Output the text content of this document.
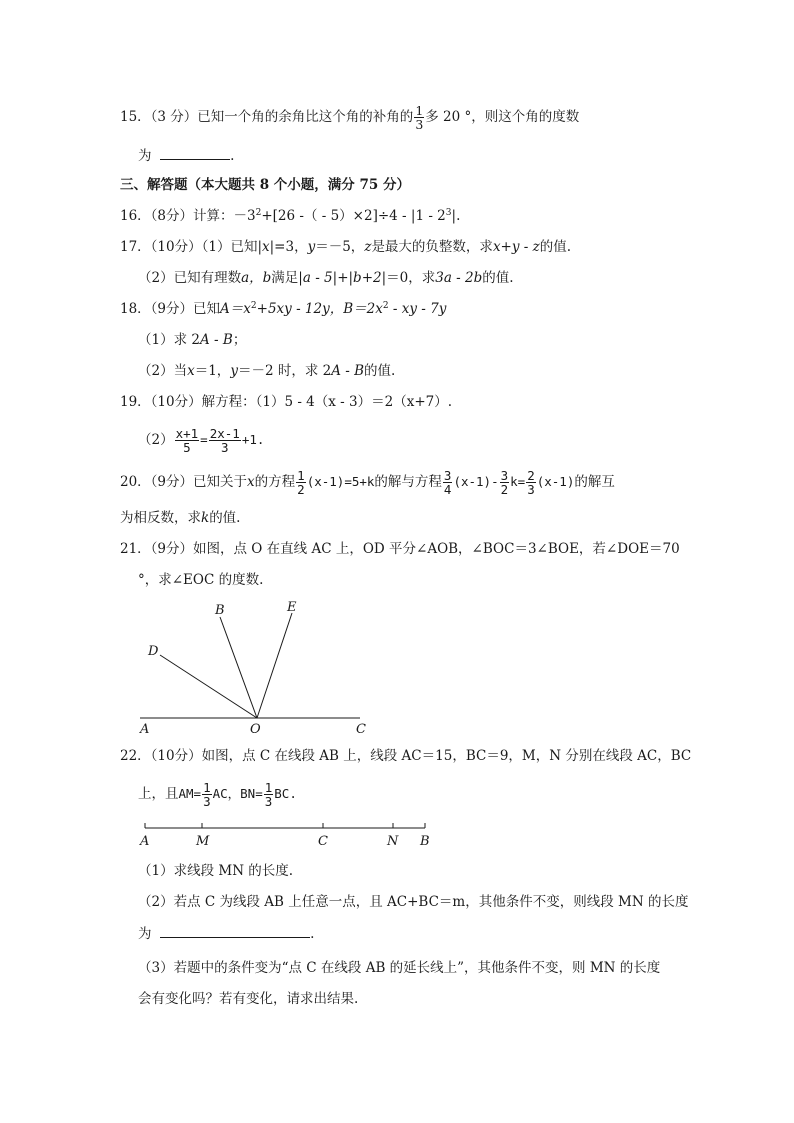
15．（3 分）已知一个角的余角比这个角的补角的 $\frac{1}{3}$ 多 20 °，则这个角的度数
为	.
三、解答题（本大题共 8 个小题，满分 75 分）
16．（8分）计算：$-3^2+[26$ -（ - $5)\times 2]\div 4 - |1 - 2^3|$.
17．（10分）（1）已知|x|=3，y＝－5，z是最大的负整数，求x+y - z的值.
（2）已知有理数a，b满足|a - 5|+|b+2|＝0，求3a - 2b的值.
18．（9分）已知$A=x^2+5xy - 12y$，$B=2x^2$ - xy - 7y
（1）求 2A - B；
（2）当x＝1，y＝－2 时，求 2A - B的值.
19．（10分）解方程：（1）5 - 4（x - 3）＝2（x+7）.
$(2) \frac{x+1}{5} = \frac{2x-1}{3} +1$.
20．（9分）已知关于x的方程 $\frac{1}{2} (x-1)=5+k$的解与方程 $\frac{3}{4} (x-1)- \frac{3}{2} k= \frac{2}{3} (x-1)$的解互
为相反数，求k的值.
21．（9分）如图，点 O 在直线 AC 上，OD 平分∠AOB，∠BOC＝3∠BOE，若∠DOE＝70
°，求∠EOC 的度数.
A	O	C
D
B	E
22．（10分）如图，点 C 在线段 AB 上，线段 AC＝15，BC＝9，M，N 分别在线段 AC，BC
上，且$AM= \frac{1}{3}$ AC，$BN= \frac{1}{3}$ BC.
A	M	C	N B
（1）求线段 MN 的长度.
（2）若点 C 为线段 AB 上任意一点，且 AC+BC＝m，其他条件不变，则线段 MN 的长度
为	.
（3）若题中的条件变为“点 C 在线段 AB 的延长线上”，其他条件不变，则 MN 的长度
会有变化吗？若有变化，请求出结果.
